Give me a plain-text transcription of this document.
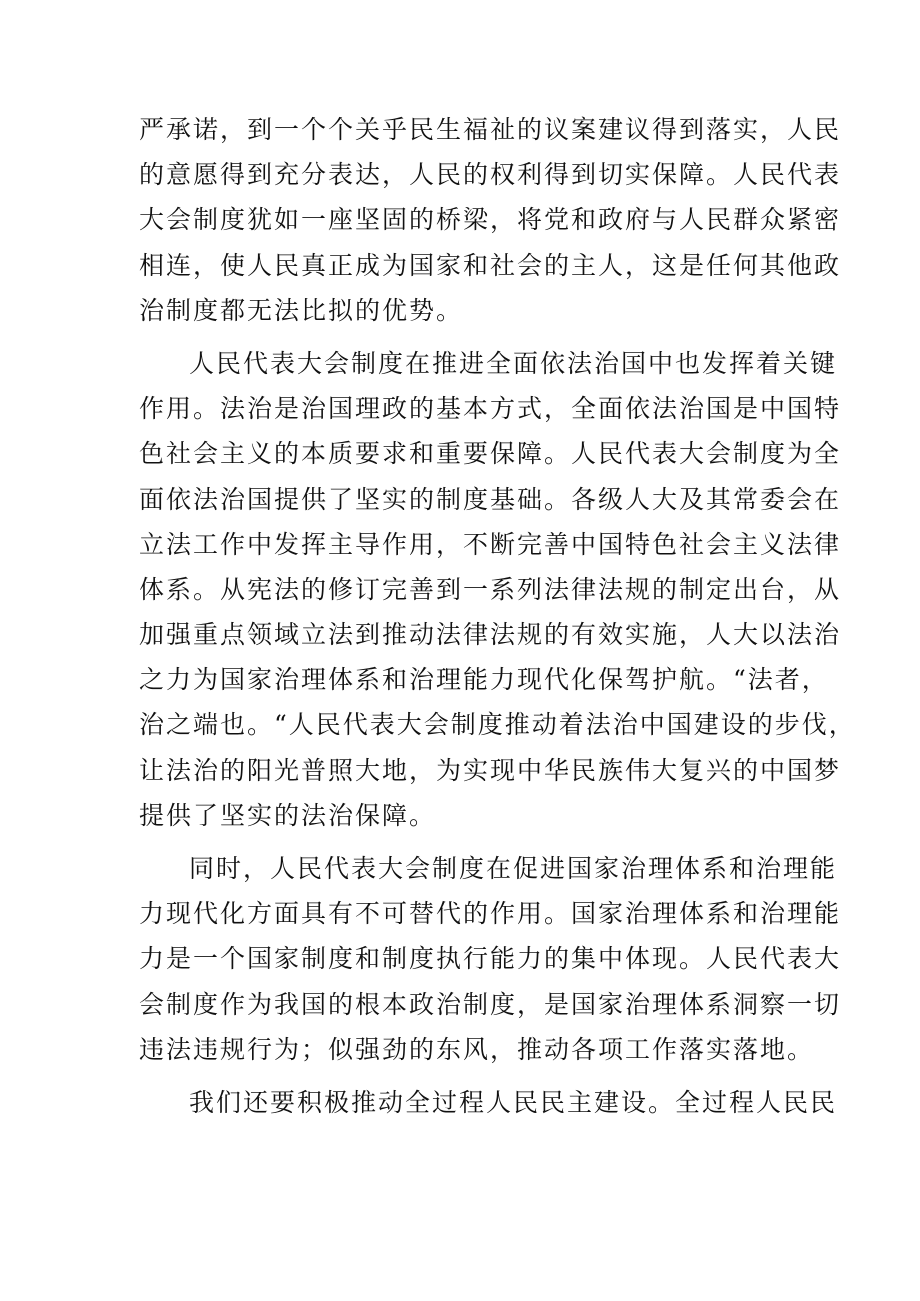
严承诺，到一个个关乎民生福祉的议案建议得到落实，人民
的意愿得到充分表达，人民的权利得到切实保障。人民代表
大会制度犹如一座坚固的桥梁，将党和政府与人民群众紧密
相连，使人民真正成为国家和社会的主人，这是任何其他政
治制度都无法比拟的优势。
人民代表大会制度在推进全面依法治国中也发挥着关键
作用。法治是治国理政的基本方式，全面依法治国是中国特
色社会主义的本质要求和重要保障。人民代表大会制度为全
面依法治国提供了坚实的制度基础。各级人大及其常委会在
立法工作中发挥主导作用，不断完善中国特色社会主义法律
体系。从宪法的修订完善到一系列法律法规的制定出台，从
加强重点领域立法到推动法律法规的有效实施，人大以法治
之力为国家治理体系和治理能力现代化保驾护航。“法者，
治之端也。“人民代表大会制度推动着法治中国建设的步伐，
让法治的阳光普照大地，为实现中华民族伟大复兴的中国梦
提供了坚实的法治保障。
同时，人民代表大会制度在促进国家治理体系和治理能
力现代化方面具有不可替代的作用。国家治理体系和治理能
力是一个国家制度和制度执行能力的集中体现。人民代表大
会制度作为我国的根本政治制度，是国家治理体系洞察一切
违法违规行为；似强劲的东风，推动各项工作落实落地。
我们还要积极推动全过程人民民主建设。全过程人民民
